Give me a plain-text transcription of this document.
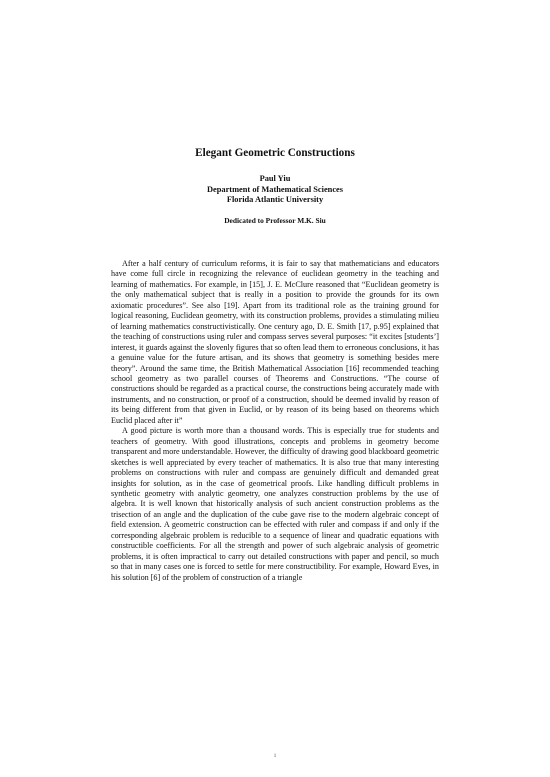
Elegant Geometric Constructions
Paul Yiu
Department of Mathematical Sciences
Florida Atlantic University
Dedicated to Professor M.K. Siu

After a half century of curriculum reforms, it is fair to say that mathematicians and educators have come full circle in recognizing the relevance of euclidean geometry in the teaching and learning of mathematics. For example, in [15], J. E. McClure reasoned that “Euclidean geometry is the only mathematical subject that is really in a position to provide the grounds for its own axiomatic procedures”. See also [19]. Apart from its traditional role as the training ground for logical reasoning, Euclidean geometry, with its construction problems, provides a stimulating milieu of learning mathematics constructivistically. One century ago, D. E. Smith [17, p.95] explained that the teaching of constructions using ruler and compass serves several purposes: “it excites [students’] interest, it guards against the slovenly figures that so often lead them to erroneous conclusions, it has a genuine value for the future artisan, and its shows that geometry is something besides mere theory”. Around the same time, the British Mathematical Association [16] recommended teaching school geometry as two parallel courses of Theorems and Constructions. “The course of constructions should be regarded as a practical course, the constructions being accurately made with instruments, and no construction, or proof of a construction, should be deemed invalid by reason of its being different from that given in Euclid, or by reason of its being based on theorems which Euclid placed after it”

A good picture is worth more than a thousand words. This is especially true for students and teachers of geometry. With good illustrations, concepts and problems in geometry become transparent and more understandable. However, the difficulty of drawing good blackboard geometric sketches is well appreciated by every teacher of mathematics. It is also true that many interesting problems on constructions with ruler and compass are genuinely difficult and demanded great insights for solution, as in the case of geometrical proofs. Like handling difficult problems in synthetic geometry with analytic geometry, one analyzes construction problems by the use of algebra. It is well known that historically analysis of such ancient construction problems as the trisection of an angle and the duplication of the cube gave rise to the modern algebraic concept of field extension. A geometric construction can be effected with ruler and compass if and only if the corresponding algebraic problem is reducible to a sequence of linear and quadratic equations with constructible coefficients. For all the strength and power of such algebraic analysis of geometric problems, it is often impractical to carry out detailed constructions with paper and pencil, so much so that in many cases one is forced to settle for mere constructibility. For example, Howard Eves, in his solution [6] of the problem of construction of a triangle

1
